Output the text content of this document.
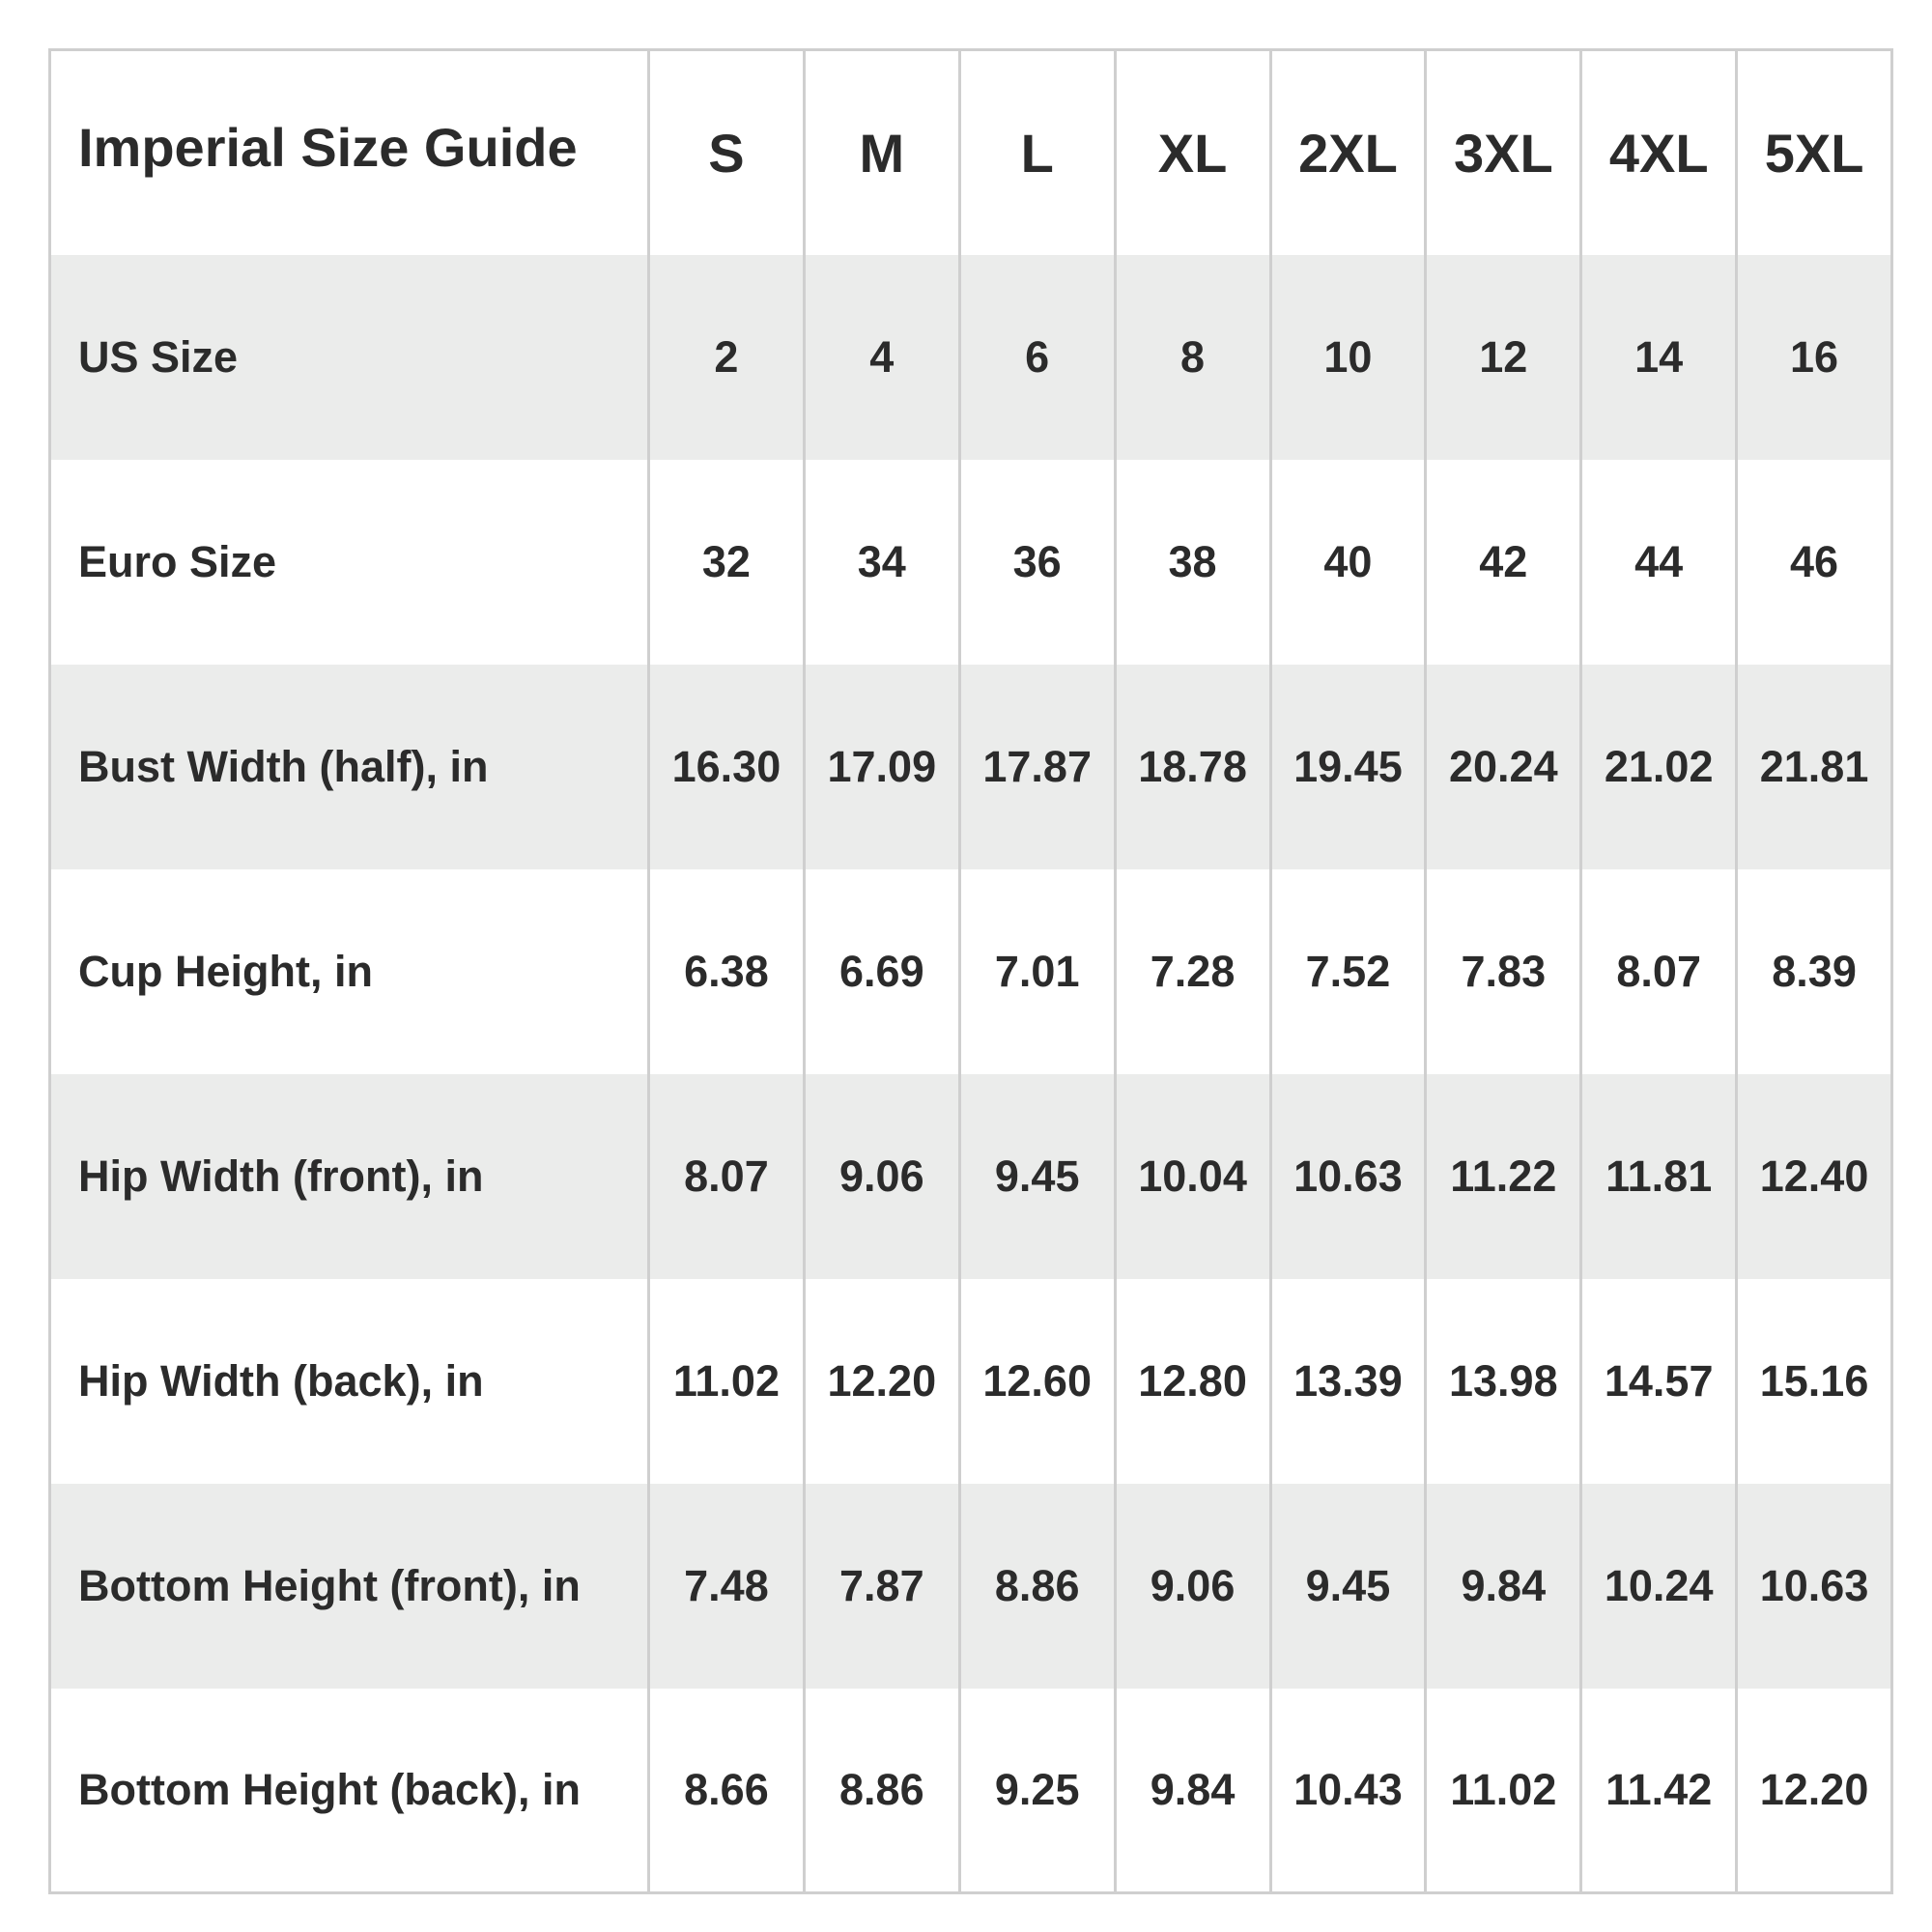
Imperial Size Guide	S	M	L	XL	2XL	3XL	4XL	5XL
US Size	2	4	6	8	10	12	14	16
Euro Size	32	34	36	38	40	42	44	46
Bust Width (half), in	16.30	17.09	17.87	18.78	19.45	20.24	21.02	21.81
Cup Height, in	6.38	6.69	7.01	7.28	7.52	7.83	8.07	8.39
Hip Width (front), in	8.07	9.06	9.45	10.04	10.63	11.22	11.81	12.40
Hip Width (back), in	11.02	12.20	12.60	12.80	13.39	13.98	14.57	15.16
Bottom Height (front), in	7.48	7.87	8.86	9.06	9.45	9.84	10.24	10.63
Bottom Height (back), in	8.66	8.86	9.25	9.84	10.43	11.02	11.42	12.20
